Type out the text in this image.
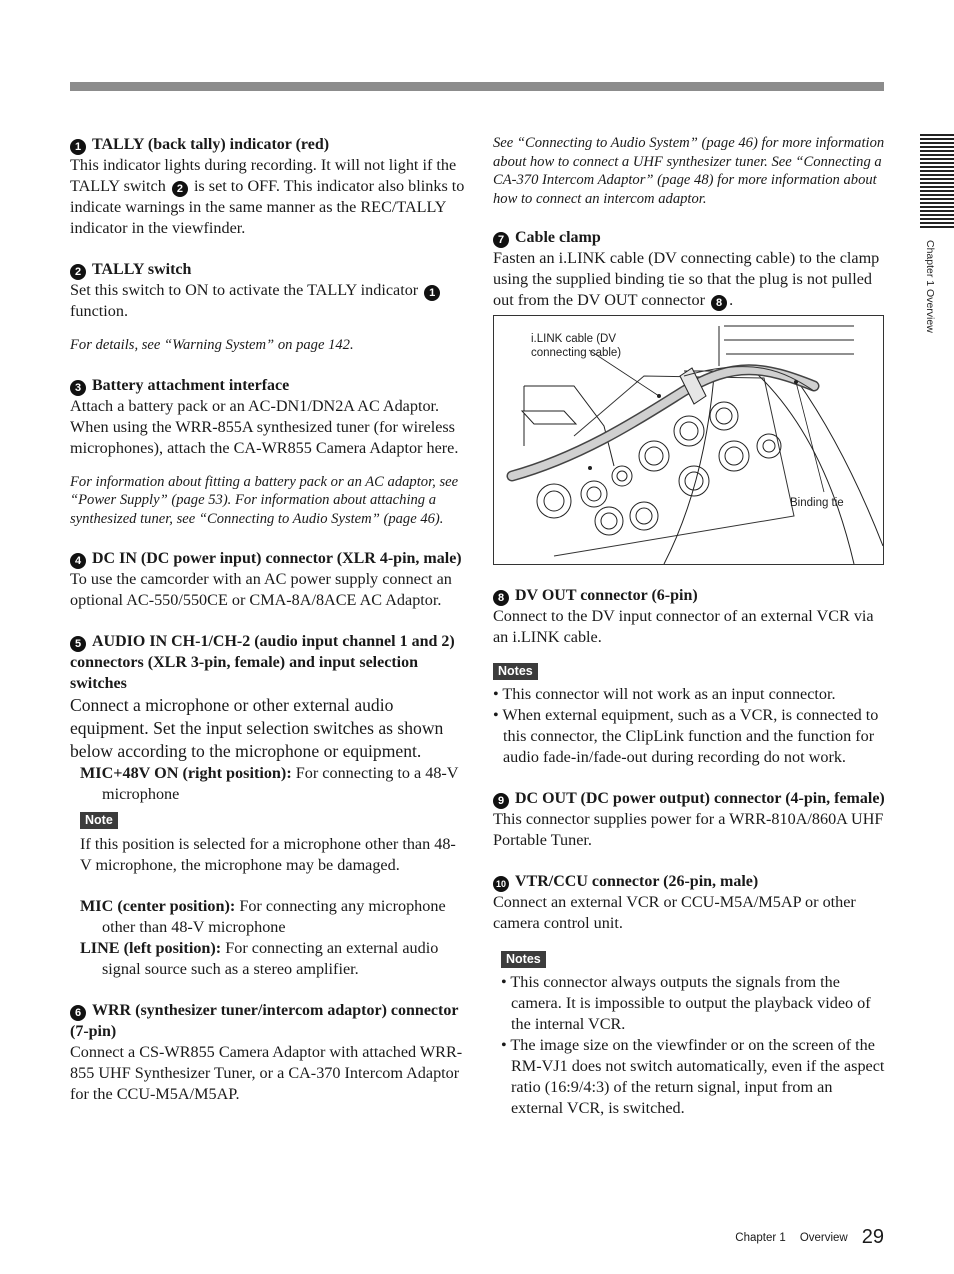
Chapter 1 Overview
1 TALLY (back tally) indicator (red)
This indicator lights during recording. It will not light if the TALLY switch 2 is set to OFF. This indicator also blinks to indicate warnings in the same manner as the REC/TALLY indicator in the viewfinder.
2 TALLY switch
Set this switch to ON to activate the TALLY indicator 1 function.
For details, see “Warning System” on page 142.
3 Battery attachment interface
Attach a battery pack or an AC-DN1/DN2A AC Adaptor. When using the WRR-855A synthesized tuner (for wireless microphones), attach the CA-WR855 Camera Adaptor here.
For information about fitting a battery pack or an AC adaptor, see “Power Supply” (page 53). For information about attaching a synthesized tuner, see “Connecting to Audio System” (page 46).
4 DC IN (DC power input) connector (XLR 4-pin, male)
To use the camcorder with an AC power supply connect an optional AC-550/550CE or CMA-8A/8ACE AC Adaptor.
5 AUDIO IN CH-1/CH-2 (audio input channel 1 and 2) connectors (XLR 3-pin, female) and input selection switches
Connect a microphone or other external audio equipment. Set the input selection switches as shown below according to the microphone or equipment.
MIC+48V ON (right position): For connecting to a 48-V microphone
Note
If this position is selected for a microphone other than 48-V microphone, the microphone may be damaged.
MIC (center position): For connecting any microphone other than 48-V microphone
LINE (left position): For connecting an external audio signal source such as a stereo amplifier.
6 WRR (synthesizer tuner/intercom adaptor) connector (7-pin)
Connect a CS-WR855 Camera Adaptor with attached WRR-855 UHF Synthesizer Tuner, or a CA-370 Intercom Adaptor for the CCU-M5A/M5AP.
See “Connecting to Audio System” (page 46) for more information about how to connect a UHF synthesizer tuner. See “Connecting a CA-370 Intercom Adaptor” (page 48) for more information about how to connect an intercom adaptor.
7 Cable clamp
Fasten an i.LINK cable (DV connecting cable) to the clamp using the supplied binding tie so that the plug is not pulled out from the DV OUT connector 8 .
i.LINK cable (DV connecting cable)
Binding tie
8 DV OUT connector (6-pin)
Connect to the DV input connector of an external VCR via an i.LINK cable.
Notes
• This connector will not work as an input connector.
• When external equipment, such as a VCR, is connected to this connector, the ClipLink function and the function for audio fade-in/fade-out during recording do not work.
9 DC OUT (DC power output) connector (4-pin, female)
This connector supplies power for a WRR-810A/860A UHF Portable Tuner.
10 VTR/CCU connector (26-pin, male)
Connect an external VCR or CCU-M5A/M5AP or other camera control unit.
Notes
• This connector always outputs the signals from the camera. It is impossible to output the playback video of the internal VCR.
• The image size on the viewfinder or on the screen of the RM-VJ1 does not switch automatically, even if the aspect ratio (16:9/4:3) of the return signal, input from an external VCR, is switched.
Chapter 1 Overview 29
